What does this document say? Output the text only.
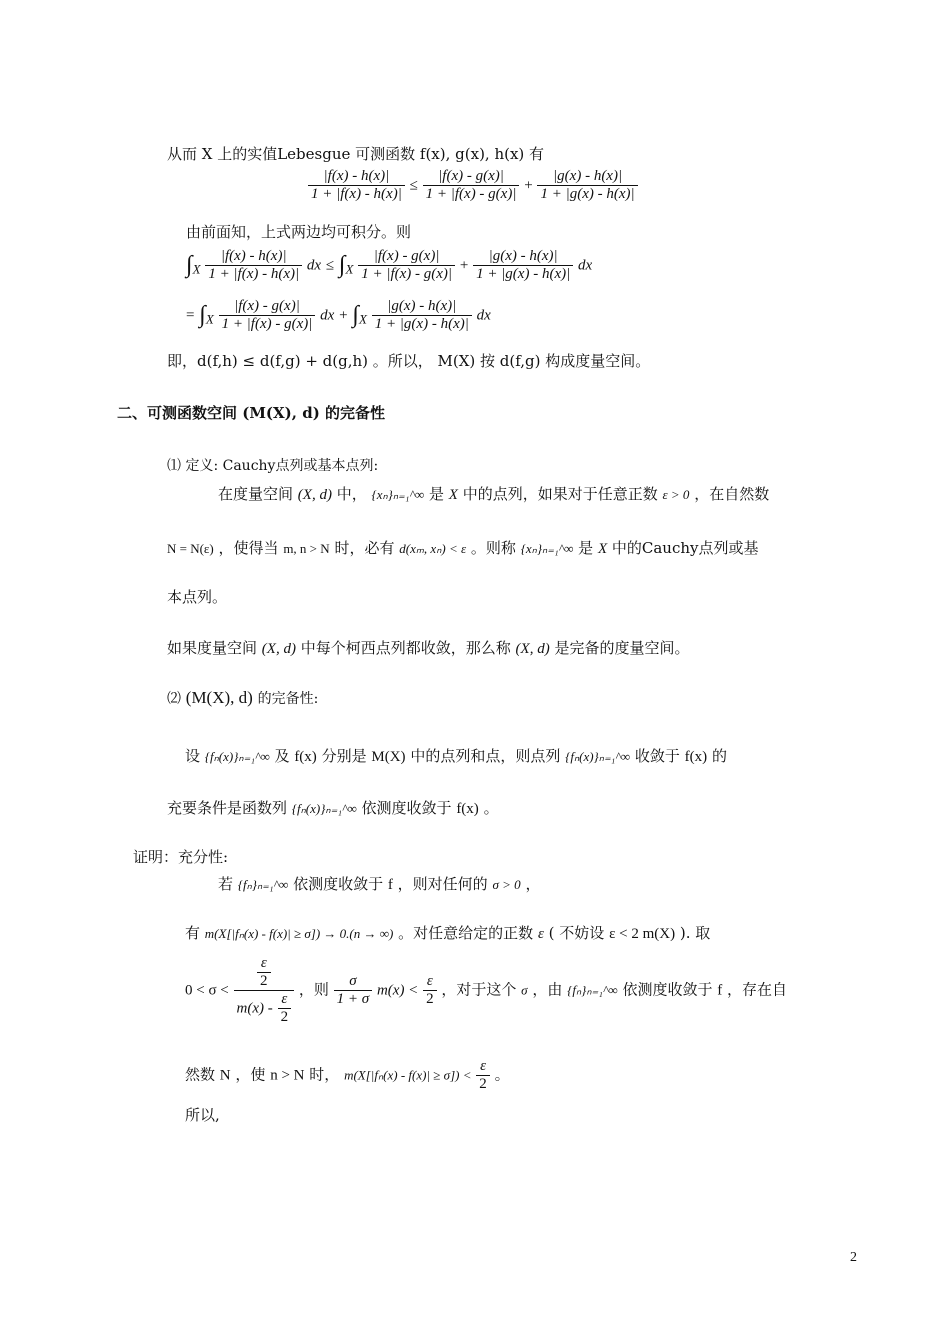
从而 X 上的实值Lebesgue 可测函数 f(x), g(x), h(x) 有
$\frac{|f(x) - h(x)|}{1 + |f(x) - h(x)|} \le \frac{|f(x) - g(x)|}{1 + |f(x) - g(x)|} + \frac{|g(x) - h(x)|}{1 + |g(x) - h(x)|}$
由前面知，上式两边均可积分。则
$\int_X \frac{|f(x) - h(x)|}{1 + |f(x) - h(x)|}$ dx ≤ $\int_X \frac{|f(x) - g(x)|}{1 + |f(x) - g(x)|} + \frac{|g(x) - h(x)|}{1 + |g(x) - h(x)|}$ dx
= $\int_X \frac{|f(x) - g(x)|}{1 + |f(x) - g(x)|}$ dx + $\int_X \frac{|g(x) - h(x)|}{1 + |g(x) - h(x)|}$ dx
即，d(f,h) ≤ d(f,g) + d(g,h) 。所以， M(X) 按 d(f,g) 构成度量空间。
二、可测函数空间 (M(X), d) 的完备性
⑴ 定义: Cauchy点列或基本点列:
在度量空间 (X, d) 中， {xₙ}ₙ₌₁^∞ 是 X 中的点列，如果对于任意正数 ε > 0 ，在自然数
N = N(ε) ，使得当 m, n > N 时，必有 d(xₘ, xₙ) < ε 。则称 {xₙ}ₙ₌₁^∞ 是 X 中的Cauchy点列或基
本点列。
如果度量空间 (X, d) 中每个柯西点列都收敛，那么称 (X, d) 是完备的度量空间。
⑵ (M(X), d) 的完备性:
设 {fₙ(x)}ₙ₌₁^∞ 及 f(x) 分别是 M(X) 中的点列和点，则点列 {fₙ(x)}ₙ₌₁^∞ 收敛于 f(x) 的
充要条件是函数列 {fₙ(x)}ₙ₌₁^∞ 依测度收敛于 f(x) 。
证明：充分性:
若 {fₙ}ₙ₌₁^∞ 依测度收敛于 f ，则对任何的 σ > 0 ，
有 m(X[|fₙ(x) - f(x)| ≥ σ]) → 0.(n → ∞) 。对任意给定的正数 ε ( 不妨设 ε < 2 m(X) ). 取
$0 < \sigma < \frac{\frac{\varepsilon}{2}}{m(x) - \frac{\varepsilon}{2}}$ ，则 $\frac{\sigma}{1 + \sigma} m(x) < \frac{\varepsilon}{2}$ ，对于这个 σ ，由 {fₙ}ₙ₌₁^∞ 依测度收敛于 f ，存在自
然数 N ，使 n > N 时， $m(X[|f_n(x) - f(x)| \ge \sigma]) < \frac{\varepsilon}{2}$ 。
所以,
2
